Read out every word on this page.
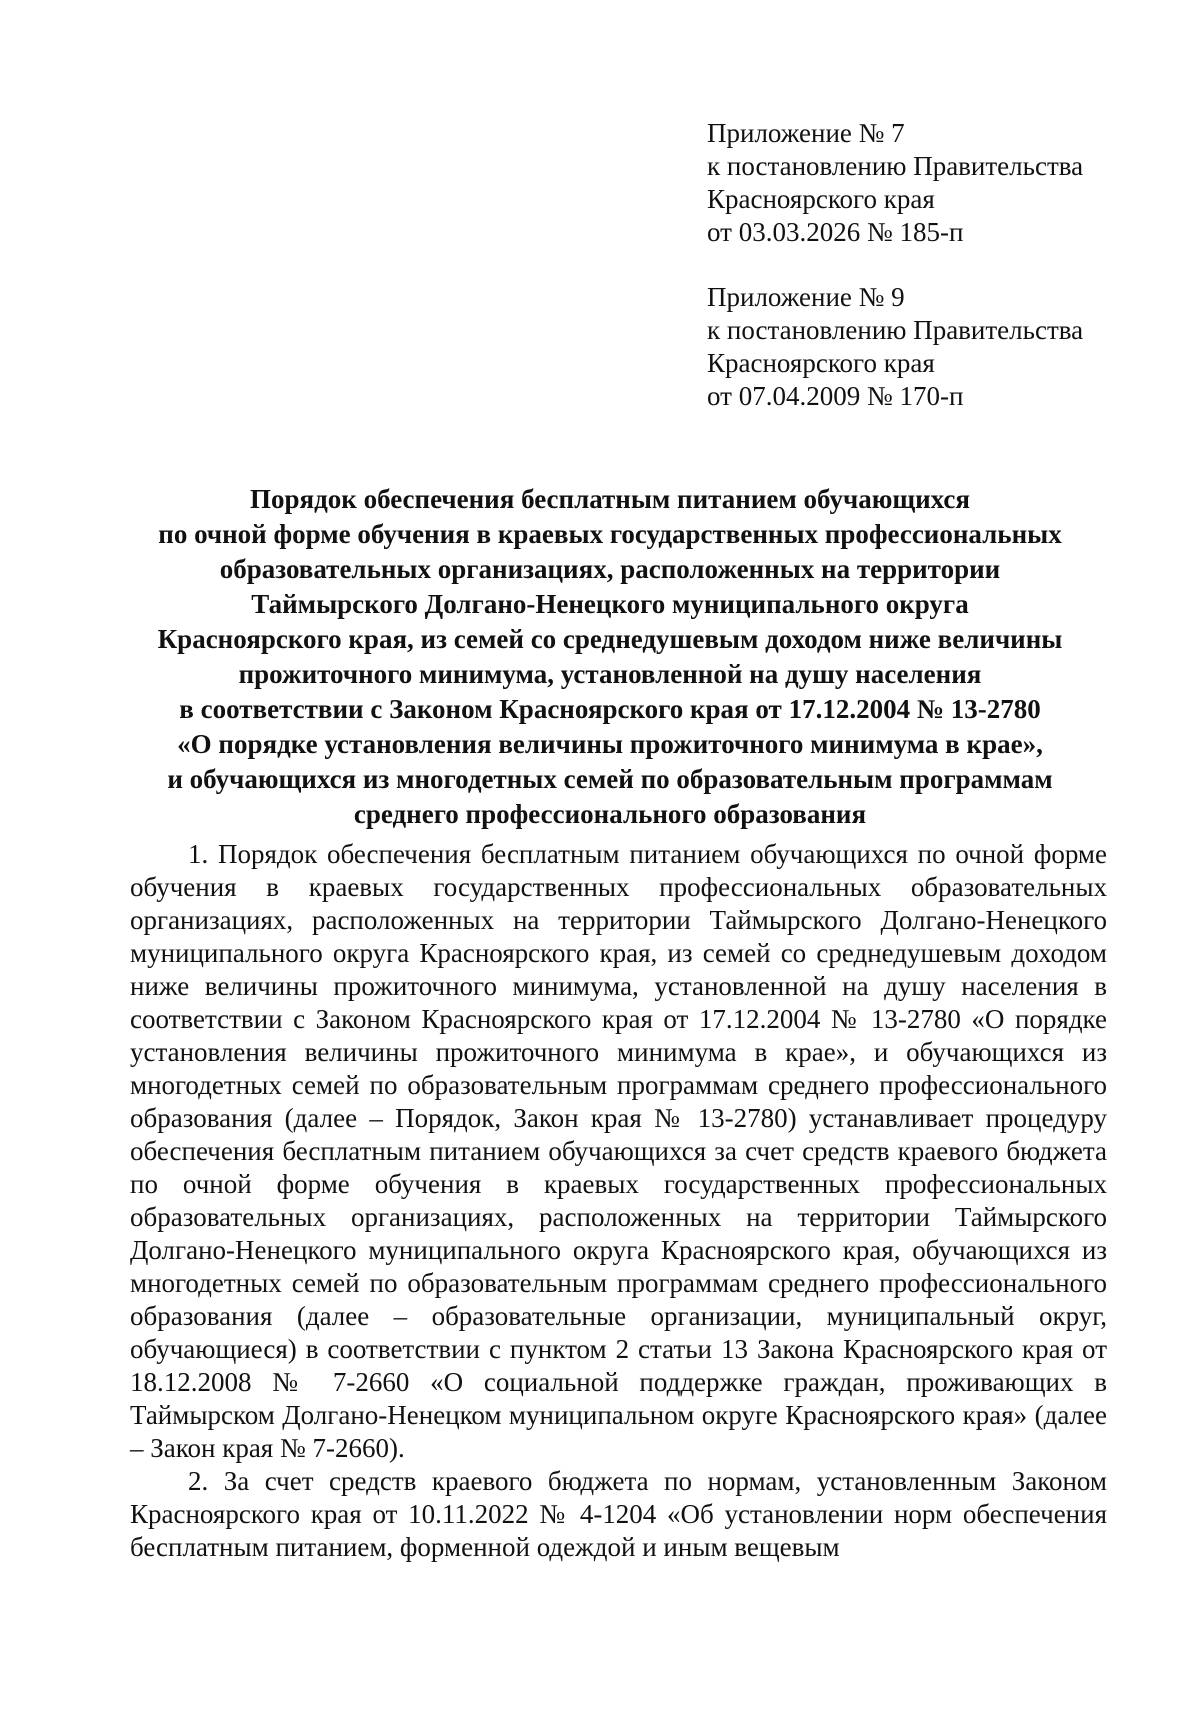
Приложение № 7
к постановлению Правительства
Красноярского края
от 03.03.2026 № 185-п
Приложение № 9
к постановлению Правительства
Красноярского края
от 07.04.2009 № 170-п
Порядок обеспечения бесплатным питанием обучающихся
по очной форме обучения в краевых государственных профессиональных
образовательных организациях, расположенных на территории
Таймырского Долгано-Ненецкого муниципального округа
Красноярского края, из семей со среднедушевым доходом ниже величины
прожиточного минимума, установленной на душу населения
в соответствии с Законом Красноярского края от 17.12.2004 № 13-2780
«О порядке установления величины прожиточного минимума в крае»,
и обучающихся из многодетных семей по образовательным программам
среднего профессионального образования

1. Порядок обеспечения бесплатным питанием обучающихся по очной форме обучения в краевых государственных профессиональных образовательных организациях, расположенных на территории Таймырского Долгано-Ненецкого муниципального округа Красноярского края, из семей со среднедушевым доходом ниже величины прожиточного минимума, установленной на душу населения в соответствии с Законом Красноярского края от 17.12.2004 № 13-2780 «О порядке установления величины прожиточного минимума в крае», и обучающихся из многодетных семей по образовательным программам среднего профессионального образования (далее – Порядок, Закон края № 13-2780) устанавливает процедуру обеспечения бесплатным питанием обучающихся за счет средств краевого бюджета по очной форме обучения в краевых государственных профессиональных образовательных организациях, расположенных на территории Таймырского Долгано-Ненецкого муниципального округа Красноярского края, обучающихся из многодетных семей по образовательным программам среднего профессионального образования (далее – образовательные организации, муниципальный округ, обучающиеся) в соответствии с пунктом 2 статьи 13 Закона Красноярского края от 18.12.2008 № 7-2660 «О социальной поддержке граждан, проживающих в Таймырском Долгано-Ненецком муниципальном округе Красноярского края» (далее – Закон края № 7-2660).

2. За счет средств краевого бюджета по нормам, установленным Законом Красноярского края от 10.11.2022 № 4-1204 «Об установлении норм обеспечения бесплатным питанием, форменной одеждой и иным вещевым
